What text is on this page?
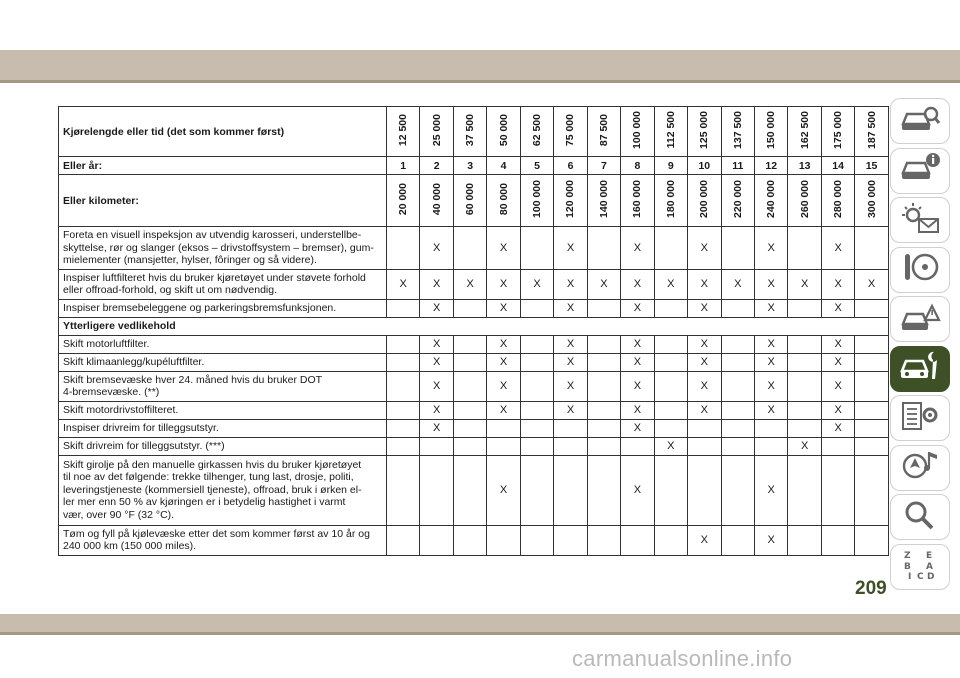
Kjørelengde eller tid (det som kommer først)	12 500	25 000	37 500	50 000	62 500	75 000	87 500	100 000	112 500	125 000	137 500	150 000	162 500	175 000	187 500
Eller år:	1	2	3	4	5	6	7	8	9	10	11	12	13	14	15
Eller kilometer:	20 000	40 000	60 000	80 000	100 000	120 000	140 000	160 000	180 000	200 000	220 000	240 000	260 000	280 000	300 000
Foreta en visuell inspeksjon av utvendig karosseri, understellbe-
skyttelse, rør og slanger (eksos – drivstoffsystem – bremser), gum-
mielementer (mansjetter, hylser, fôringer og så videre).		X		X		X		X		X		X		X	
Inspiser luftfilteret hvis du bruker kjøretøyet under støvete forhold
eller offroad-forhold, og skift ut om nødvendig.	X	X	X	X	X	X	X	X	X	X	X	X	X	X	X
Inspiser bremsebeleggene og parkeringsbremsfunksjonen.		X		X		X		X		X		X		X	
Ytterligere vedlikehold															
Skift motorluftfilter.		X		X		X		X		X		X		X	
Skift klimaanlegg/kupéluftfilter.		X		X		X		X		X		X		X	
Skift bremsevæske hver 24. måned hvis du bruker DOT
4-bremsevæske. (**)		X		X		X		X		X		X		X	
Skift motordrivstoffilteret.		X		X		X		X		X		X		X	
Inspiser drivreim for tilleggsutstyr.		X						X						X	
Skift drivreim for tilleggsutstyr. (***)									X				X		
Skift girolje på den manuelle girkassen hvis du bruker kjøretøyet
til noe av det følgende: trekke tilhenger, tung last, drosje, politi,
leveringstjeneste (kommersiell tjeneste), offroad, bruk i ørken el-
ler mer enn 50 % av kjøringen er i betydelig hastighet i varmt
vær, over 90 °F (32 °C).				X				X				X			
Tøm og fyll på kjølevæske etter det som kommer først av 10 år og
240 000 km (150 000 miles).										X		X			
Z E
B A
I C D
209
carmanualsonline.info
